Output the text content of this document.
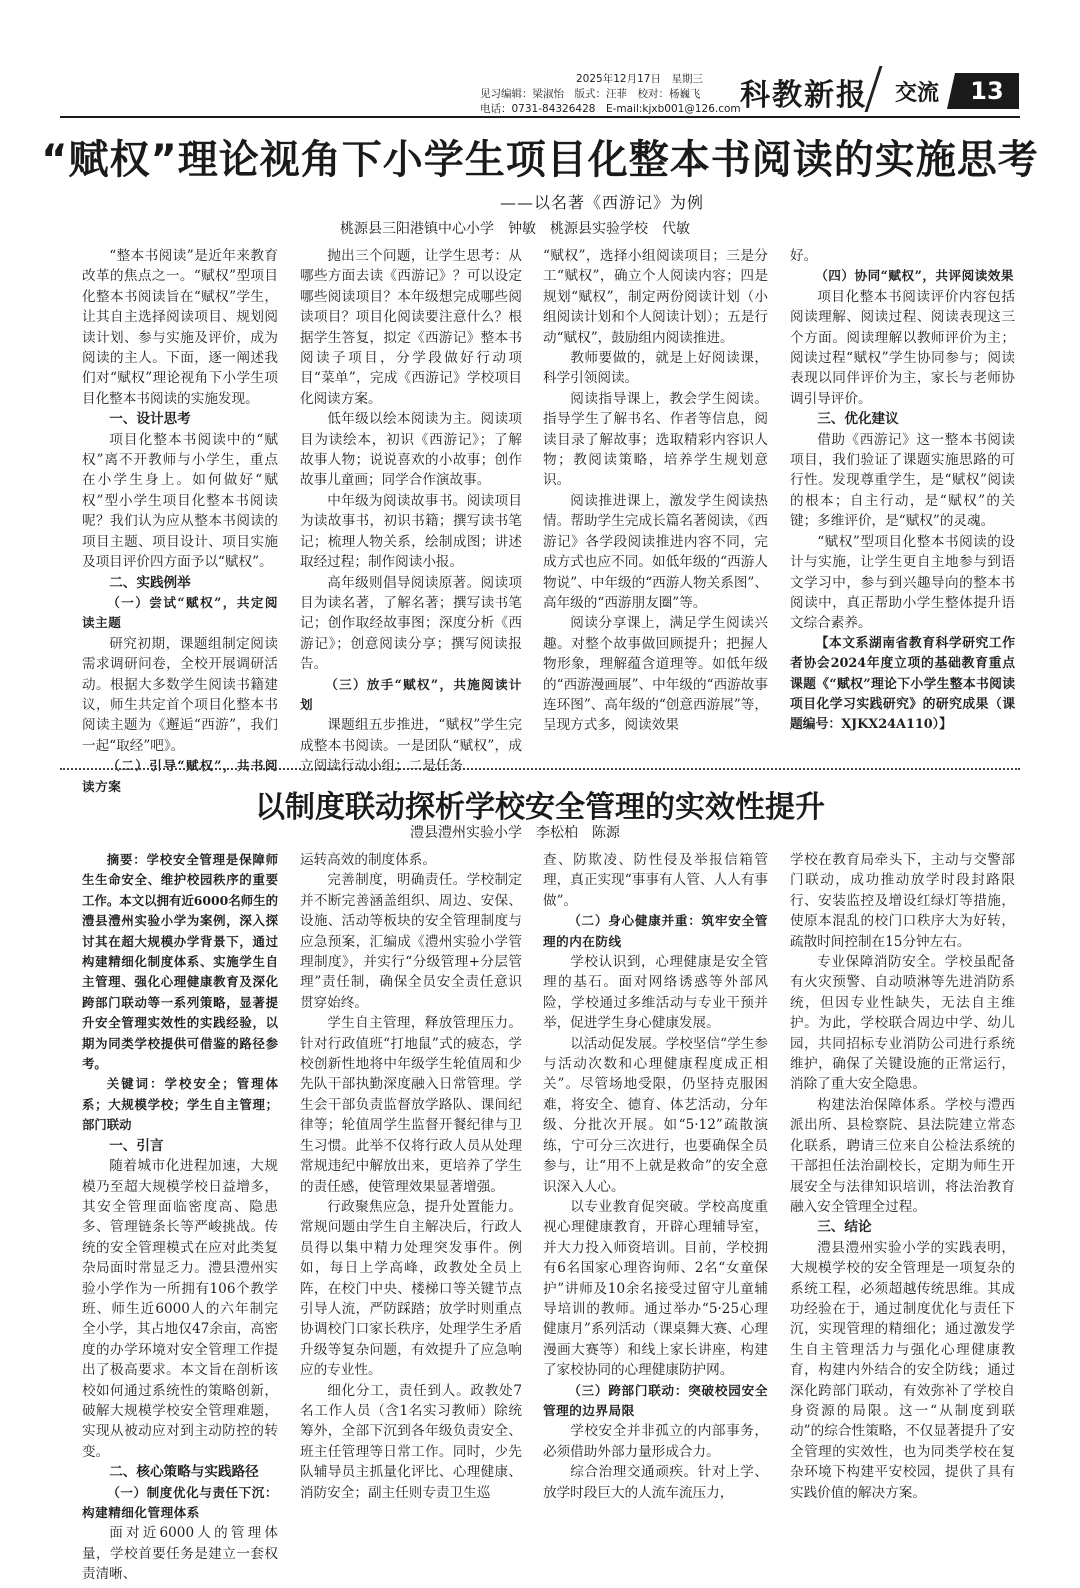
2025年12月17日　星期三
见习编辑：梁淑怡　版式：汪菲　校对：杨巍飞
电话：0731-84326428　E-mail:kjxb001@126.com 科教新报 交流	13
“赋权”理论视角下小学生项目化整本书阅读的实施思考
——以名著《西游记》为例
桃源县三阳港镇中心小学　钟敏　桃源县实验学校　代敏

“整本书阅读”是近年来教育改革的焦点之一。“赋权”型项目化整本书阅读旨在“赋权”学生，让其自主选择阅读项目、规划阅读计划、参与实施及评价，成为阅读的主人。下面，逐一阐述我们对“赋权”理论视角下小学生项目化整本书阅读的实施发现。

一、设计思考

项目化整本书阅读中的“赋权”离不开教师与小学生，重点在小学生身上。如何做好“赋权”型小学生项目化整本书阅读呢？我们认为应从整本书阅读的项目主题、项目设计、项目实施及项目评价四方面予以“赋权”。

二、实践例举
（一）尝试“赋权”，共定阅读主题

研究初期，课题组制定阅读需求调研问卷，全校开展调研活动。根据大多数学生阅读书籍建议，师生共定首个项目化整本书阅读主题为《邂逅“西游”，我们一起“取经”吧》。

（二）引导“赋权”，共书阅读方案

抛出三个问题，让学生思考：从哪些方面去读《西游记》？可以设定哪些阅读项目？本年级想完成哪些阅读项目？项目化阅读要注意什么？根据学生答复，拟定《西游记》整本书阅读子项目，分学段做好行动项目“菜单”，完成《西游记》学校项目化阅读方案。

低年级以绘本阅读为主。阅读项目为读绘本，初识《西游记》；了解故事人物；说说喜欢的小故事；创作故事儿童画；同学合作演故事。

中年级为阅读故事书。阅读项目为读故事书，初识书籍；撰写读书笔记；梳理人物关系，绘制成图；讲述取经过程；制作阅读小报。

高年级则倡导阅读原著。阅读项目为读名著，了解名著；撰写读书笔记；创作取经故事图；深度分析《西游记》；创意阅读分享；撰写阅读报告。

（三）放手“赋权”，共施阅读计划

课题组五步推进，“赋权”学生完成整本书阅读。一是团队“赋权”，成立阅读行动小组；二是任务

“赋权”，选择小组阅读项目；三是分工“赋权”，确立个人阅读内容；四是规划“赋权”，制定两份阅读计划（小组阅读计划和个人阅读计划）；五是行动“赋权”，鼓励组内阅读推进。

教师要做的，就是上好阅读课，科学引领阅读。

阅读指导课上，教会学生阅读。指导学生了解书名、作者等信息，阅读目录了解故事；选取精彩内容识人物；教阅读策略，培养学生规划意识。

阅读推进课上，激发学生阅读热情。帮助学生完成长篇名著阅读，《西游记》各学段阅读推进内容不同，完成方式也应不同。如低年级的“西游人物说”、中年级的“西游人物关系图”、高年级的“西游朋友圈”等。

阅读分享课上，满足学生阅读兴趣。对整个故事做回顾提升；把握人物形象，理解蕴含道理等。如低年级的“西游漫画展”、中年级的“西游故事连环图”、高年级的“创意西游展”等，呈现方式多，阅读效果

好。

（四）协同“赋权”，共评阅读效果

项目化整本书阅读评价内容包括阅读理解、阅读过程、阅读表现这三个方面。阅读理解以教师评价为主；阅读过程“赋权”学生协同参与；阅读表现以同伴评价为主，家长与老师协调引导评价。

三、优化建议

借助《西游记》这一整本书阅读项目，我们验证了课题实施思路的可行性。发现尊重学生，是“赋权”阅读的根本；自主行动，是“赋权”的关键；多维评价，是“赋权”的灵魂。

“赋权”型项目化整本书阅读的设计与实施，让学生更自主地参与到语文学习中，参与到兴趣导向的整本书阅读中，真正帮助小学生整体提升语文综合素养。

【本文系湖南省教育科学研究工作者协会2024年度立项的基础教育重点课题《“赋权”理论下小学生整本书阅读项目化学习实践研究》的研究成果（课题编号：XJKX24A110）】

以制度联动探析学校安全管理的实效性提升
澧县澧州实验小学　李松柏　陈源

摘要：学校安全管理是保障师生生命安全、维护校园秩序的重要工作。本文以拥有近6000名师生的澧县澧州实验小学为案例，深入探讨其在超大规模办学背景下，通过构建精细化制度体系、实施学生自主管理、强化心理健康教育及深化跨部门联动等一系列策略，显著提升安全管理实效性的实践经验，以期为同类学校提供可借鉴的路径参考。

关键词：学校安全；管理体系；大规模学校；学生自主管理；部门联动

一、引言

随着城市化进程加速，大规模乃至超大规模学校日益增多，其安全管理面临密度高、隐患多、管理链条长等严峻挑战。传统的安全管理模式在应对此类复杂局面时常显乏力。澧县澧州实验小学作为一所拥有106个教学班、师生近6000人的六年制完全小学，其占地仅47余亩，高密度的办学环境对安全管理工作提出了极高要求。本文旨在剖析该校如何通过系统性的策略创新，破解大规模学校安全管理难题，实现从被动应对到主动防控的转变。

二、核心策略与实践路径
（一）制度优化与责任下沉：构建精细化管理体系

面对近6000人的管理体量，学校首要任务是建立一套权责清晰、

运转高效的制度体系。

完善制度，明确责任。学校制定并不断完善涵盖组织、周边、安保、设施、活动等板块的安全管理制度与应急预案，汇编成《澧州实验小学管理制度》，并实行“分级管理+分层管理”责任制，确保全员安全责任意识贯穿始终。

学生自主管理，释放管理压力。针对行政值班“打地鼠”式的疲态，学校创新性地将中年级学生轮值周和少先队干部执勤深度融入日常管理。学生会干部负责监督放学路队、课间纪律等；轮值周学生监督开餐纪律与卫生习惯。此举不仅将行政人员从处理常规违纪中解放出来，更培养了学生的责任感，使管理效果显著增强。

行政聚焦应急，提升处置能力。常规问题由学生自主解决后，行政人员得以集中精力处理突发事件。例如，每日上学高峰，政教处全员上阵，在校门中央、楼梯口等关键节点引导人流，严防踩踏；放学时则重点协调校门口家长秩序，处理学生矛盾升级等复杂问题，有效提升了应急响应的专业性。

细化分工，责任到人。政教处7名工作人员（含1名实习教师）除统筹外，全部下沉到各年级负责安全、班主任管理等日常工作。同时，少先队辅导员主抓量化评比、心理健康、消防安全；副主任则专责卫生巡

查、防欺凌、防性侵及举报信箱管理，真正实现“事事有人管、人人有事做”。

（二）身心健康并重：筑牢安全管理的内在防线

学校认识到，心理健康是安全管理的基石。面对网络诱惑等外部风险，学校通过多维活动与专业干预并举，促进学生身心健康发展。

以活动促发展。学校坚信“学生参与活动次数和心理健康程度成正相关”。尽管场地受限，仍坚持克服困难，将安全、德育、体艺活动，分年级、分批次开展。如“5·12”疏散演练，宁可分三次进行，也要确保全员参与，让“用不上就是救命”的安全意识深入人心。

以专业教育促突破。学校高度重视心理健康教育，开辟心理辅导室，并大力投入师资培训。目前，学校拥有6名国家心理咨询师、2名“女童保护”讲师及10余名接受过留守儿童辅导培训的教师。通过举办“5·25心理健康月”系列活动（课桌舞大赛、心理漫画大赛等）和线上家长讲座，构建了家校协同的心理健康防护网。

（三）跨部门联动：突破校园安全管理的边界局限

学校安全并非孤立的内部事务，必须借助外部力量形成合力。

综合治理交通顽疾。针对上学、放学时段巨大的人流车流压力，

学校在教育局牵头下，主动与交警部门联动，成功推动放学时段封路限行、安装监控及增设红绿灯等措施，使原本混乱的校门口秩序大为好转，疏散时间控制在15分钟左右。

专业保障消防安全。学校虽配备有火灾预警、自动喷淋等先进消防系统，但因专业性缺失，无法自主维护。为此，学校联合周边中学、幼儿园，共同招标专业消防公司进行系统维护，确保了关键设施的正常运行，消除了重大安全隐患。

构建法治保障体系。学校与澧西派出所、县检察院、县法院建立常态化联系，聘请三位来自公检法系统的干部担任法治副校长，定期为师生开展安全与法律知识培训，将法治教育融入安全管理全过程。

三、结论

澧县澧州实验小学的实践表明，大规模学校的安全管理是一项复杂的系统工程，必须超越传统思维。其成功经验在于，通过制度优化与责任下沉，实现管理的精细化；通过激发学生自主管理活力与强化心理健康教育，构建内外结合的安全防线；通过深化跨部门联动，有效弥补了学校自身资源的局限。这一“从制度到联动”的综合性策略，不仅显著提升了安全管理的实效性，也为同类学校在复杂环境下构建平安校园，提供了具有实践价值的解决方案。
